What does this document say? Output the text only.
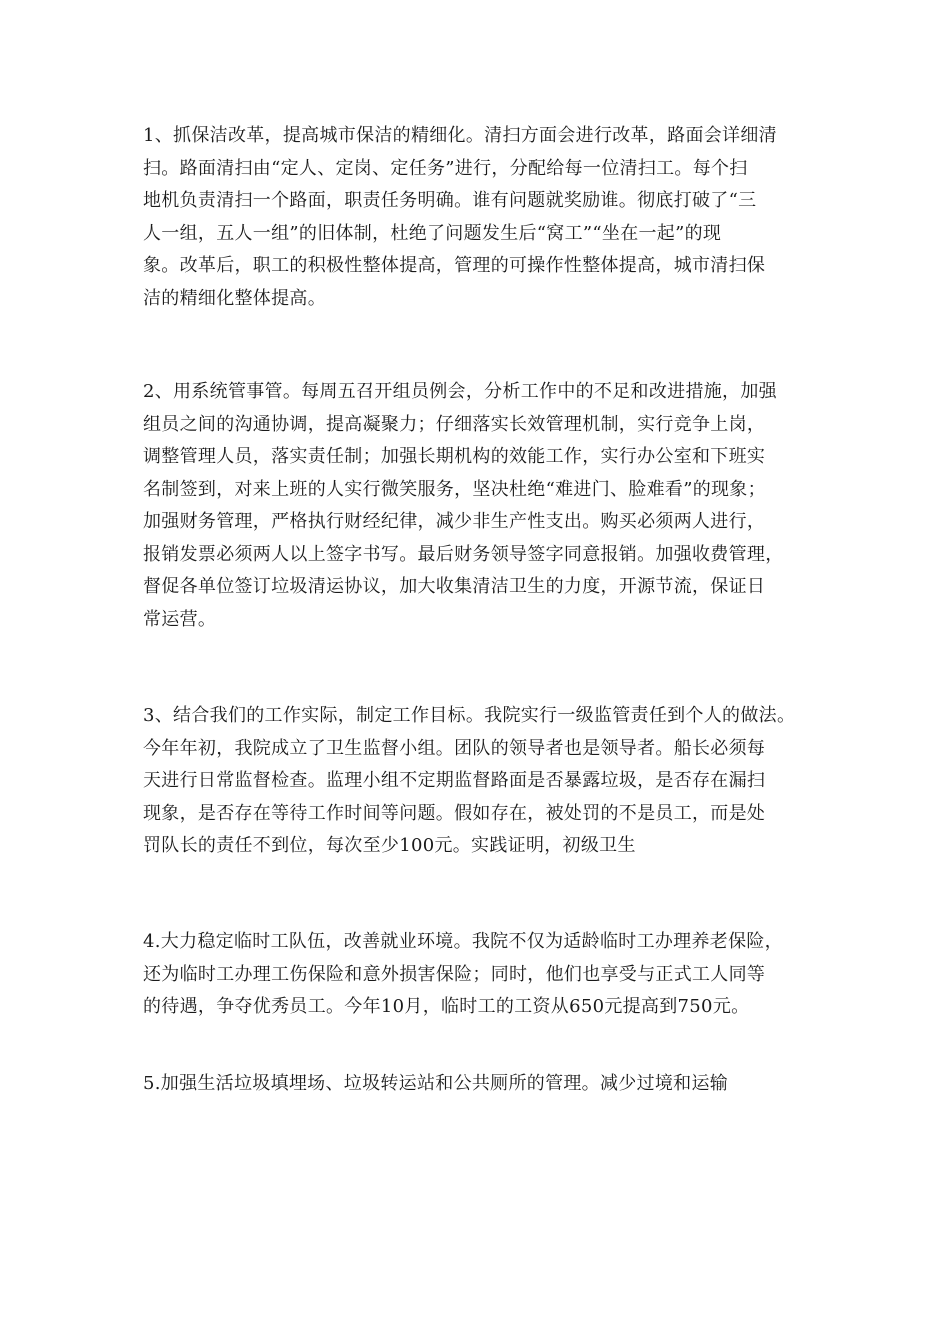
1、抓保洁改革，提高城市保洁的精细化。清扫方面会进行改革，路面会详细清
扫。路面清扫由“定人、定岗、定任务”进行，分配给每一位清扫工。每个扫
地机负责清扫一个路面，职责任务明确。谁有问题就奖励谁。彻底打破了“三
人一组，五人一组”的旧体制，杜绝了问题发生后“窝工”“坐在一起”的现
象。改革后，职工的积极性整体提高，管理的可操作性整体提高，城市清扫保
洁的精细化整体提高。

2、用系统管事管。每周五召开组员例会，分析工作中的不足和改进措施，加强
组员之间的沟通协调，提高凝聚力；仔细落实长效管理机制，实行竞争上岗，
调整管理人员，落实责任制；加强长期机构的效能工作，实行办公室和下班实
名制签到，对来上班的人实行微笑服务，坚决杜绝“难进门、脸难看”的现象；
加强财务管理，严格执行财经纪律，减少非生产性支出。购买必须两人进行，
报销发票必须两人以上签字书写。最后财务领导签字同意报销。加强收费管理，
督促各单位签订垃圾清运协议，加大收集清洁卫生的力度，开源节流，保证日
常运营。

3、结合我们的工作实际，制定工作目标。我院实行一级监管责任到个人的做法。
今年年初，我院成立了卫生监督小组。团队的领导者也是领导者。船长必须每
天进行日常监督检查。监理小组不定期监督路面是否暴露垃圾，是否存在漏扫
现象，是否存在等待工作时间等问题。假如存在，被处罚的不是员工，而是处
罚队长的责任不到位，每次至少100元。实践证明，初级卫生

4.大力稳定临时工队伍，改善就业环境。我院不仅为适龄临时工办理养老保险，
还为临时工办理工伤保险和意外损害保险；同时，他们也享受与正式工人同等
的待遇，争夺优秀员工。今年10月，临时工的工资从650元提高到750元。

5.加强生活垃圾填埋场、垃圾转运站和公共厕所的管理。减少过境和运输
